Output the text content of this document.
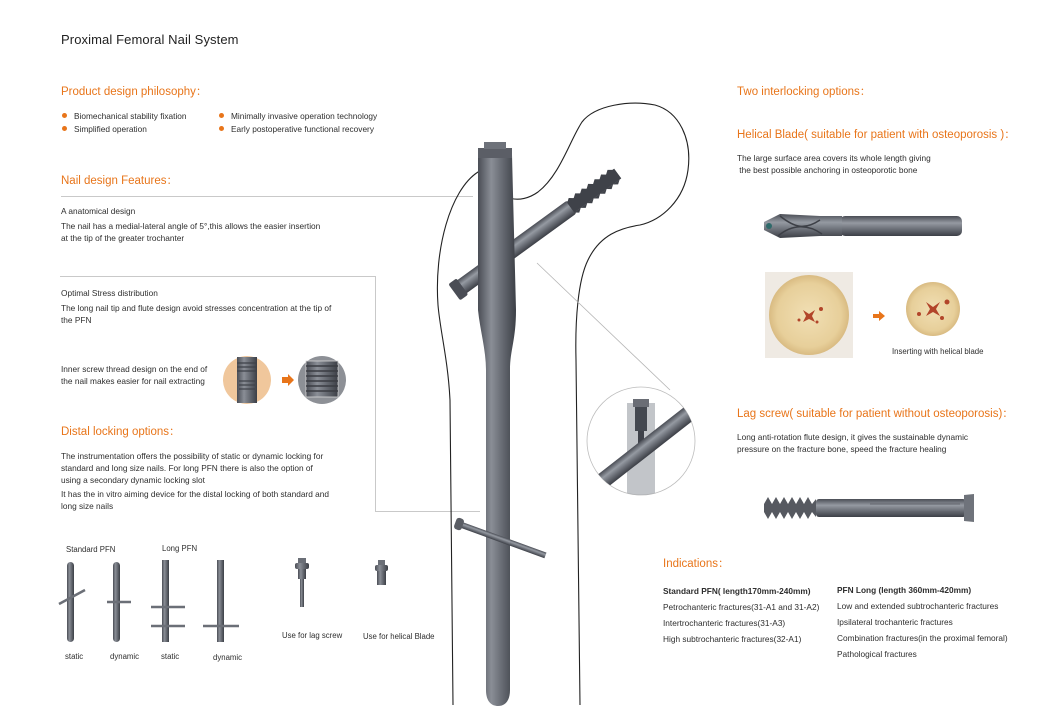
Proximal Femoral Nail System
Product design philosophy：
Biomechanical stability fixation
Simplified operation
Minimally invasive operation technology
Early postoperative functional recovery
Nail design Features：
A anatomical design
The nail has a medial-lateral angle of 5°,this allows the easier insertion
at the tip of the greater trochanter
Optimal Stress distribution
The long nail tip and flute design avoid stresses concentration at the tip of
the PFN
Inner screw thread design on the end of
the nail makes easier for nail extracting
Distal locking options：
The instrumentation offers the possibility of static or dynamic locking for
standard and long size nails. For long PFN there is also the option of
using a secondary dynamic locking slot
It has the in vitro aiming device for the distal locking of both standard and
long size nails
Standard PFN	Long PFN
static	dynamic	static	dynamic
Use for lag screw	Use for helical Blade
Two interlocking options：
Helical Blade( suitable for patient with osteoporosis )：
The large surface area covers its whole length giving
the best possible anchoring in osteoporotic bone
Inserting with helical blade
Lag screw( suitable for patient without osteoporosis)：
Long anti-rotation flute design, it gives the sustainable dynamic
pressure on the fracture bone, speed the fracture healing
Indications：
Standard PFN( length170mm-240mm)
Petrochanteric fractures(31-A1 and 31-A2)
Intertrochanteric fractures(31-A3)
High subtrochanteric fractures(32-A1)
PFN Long (length 360mm-420mm)
Low and extended subtrochanteric fractures
Ipsilateral trochanteric fractures
Combination fractures(in the proximal femoral)
Pathological fractures
